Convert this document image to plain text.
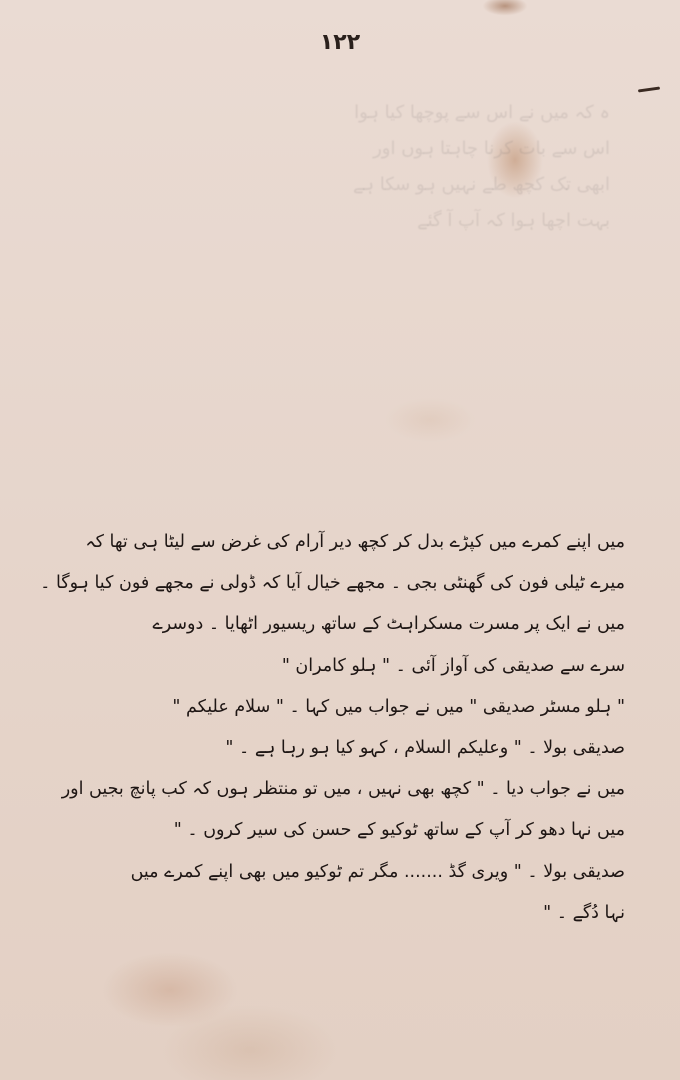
۱۲۲
ہ کہ میں نے اس سے پوچھا کیا ہوا
اس سے بات کرنا چاہتا ہوں اور
ابھی تک کچھ طے نہیں ہو سکا ہے
بہت اچھا ہوا کہ آپ آ گئے
میں اپنے کمرے میں کپڑے بدل کر کچھ دیر آرام کی غرض سے لیٹا ہی تھا کہ
میرے ٹیلی فون کی گھنٹی بجی ۔ مجھے خیال آیا کہ ڈولی نے مجھے فون کیا ہوگا ۔
میں نے ایک پر مسرت مسکراہٹ کے ساتھ ریسیور اٹھایا ۔ دوسرے
سرے سے صدیقی کی آواز آئی ۔ " ہلو کامران "
" ہلو مسٹر صدیقی " میں نے جواب میں کہا ۔ " سلام علیکم "
صدیقی بولا ۔ " وعلیکم السلام ، کہو کیا ہو رہا ہے ۔ "
میں نے جواب دیا ۔ " کچھ بھی نہیں ، میں تو منتظر ہوں کہ کب پانچ بجیں اور
میں نہا دھو کر آپ کے ساتھ ٹوکیو کے حسن کی سیر کروں ۔ "
صدیقی بولا ۔ " ویری گڈ ....... مگر تم ٹوکیو میں بھی اپنے کمرے میں
نہا دُگے ۔ "
